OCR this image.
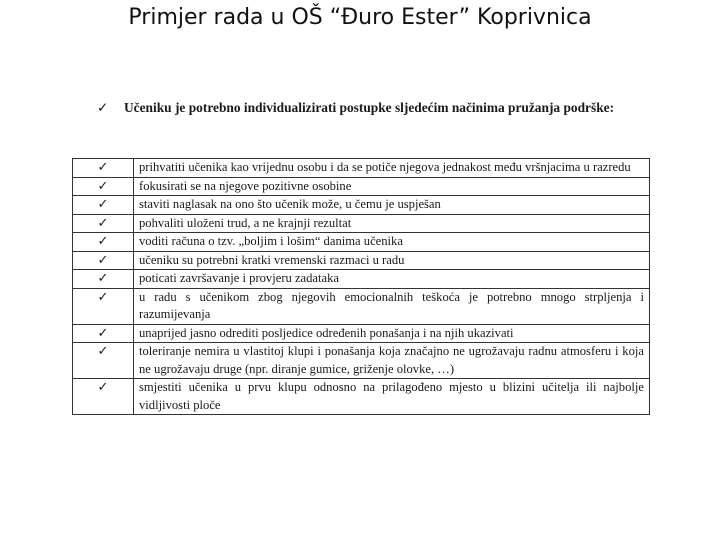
Primjer rada u OŠ “Đuro Ester” Koprivnica
✓ Učeniku je potrebno individualizirati postupke sljedećim načinima pružanja podrške:
✓	prihvatiti učenika kao vrijednu osobu i da se potiče njegova jednakost među vršnjacima u razredu
✓	fokusirati se na njegove pozitivne osobine
✓	staviti naglasak na ono što učenik može, u čemu je uspješan
✓	pohvaliti uloženi trud, a ne krajnji rezultat
✓	voditi računa o tzv. „boljim i lošim“ danima učenika
✓	učeniku su potrebni kratki vremenski razmaci u radu
✓	poticati završavanje i provjeru zadataka
✓	u radu s učenikom zbog njegovih emocionalnih teškoća je potrebno mnogo strpljenja i razumijevanja
✓	unaprijed jasno odrediti posljedice određenih ponašanja i na njih ukazivati
✓	toleriranje nemira u vlastitoj klupi i ponašanja koja značajno ne ugrožavaju radnu atmosferu i koja ne ugrožavaju druge (npr. diranje gumice, griženje olovke, …)
✓	smjestiti učenika u prvu klupu odnosno na prilagođeno mjesto u blizini učitelja ili najbolje vidljivosti ploče
